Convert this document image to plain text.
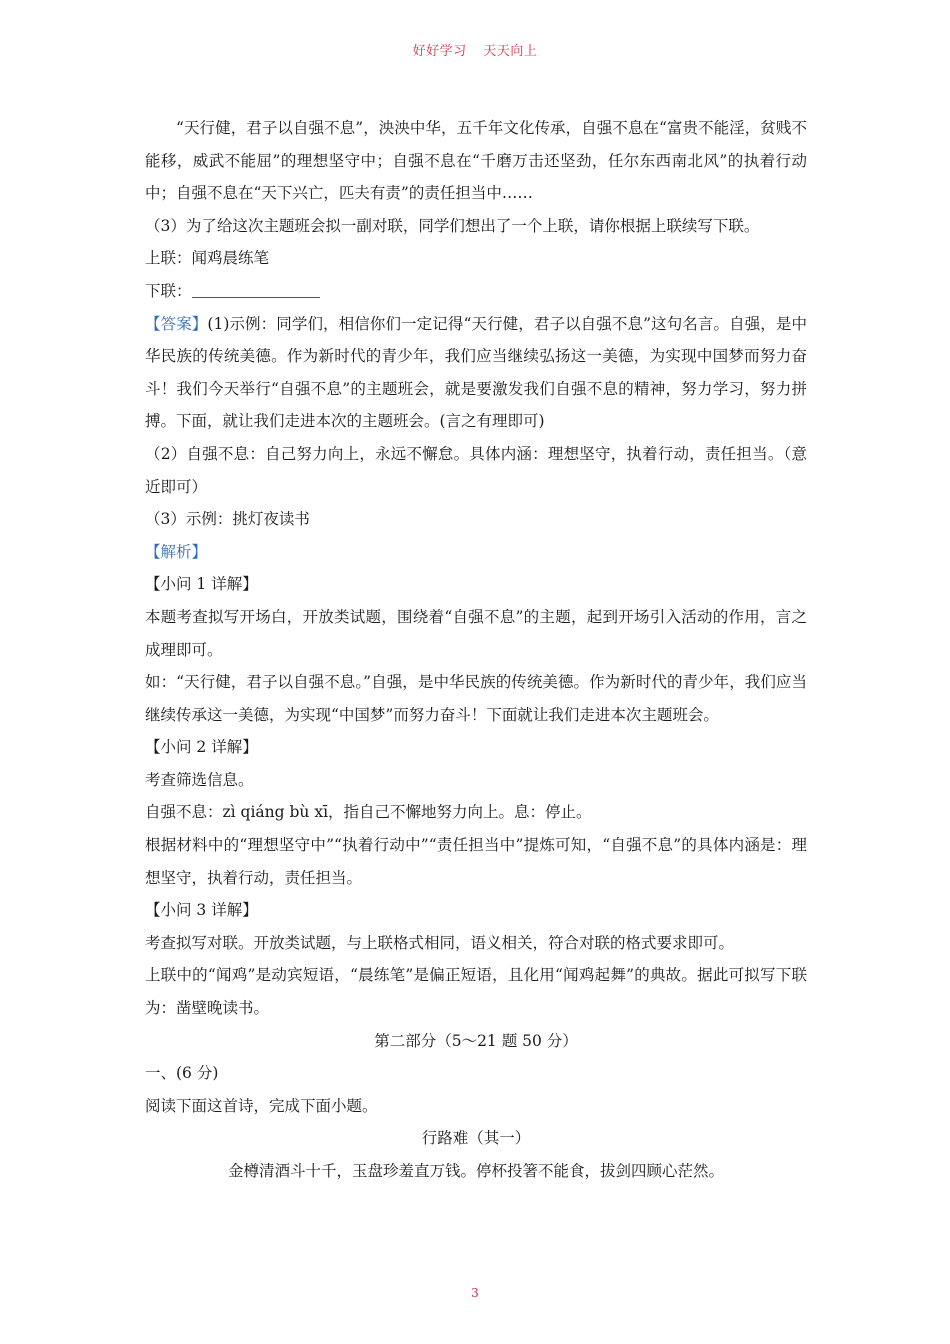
好好学习 天天向上

“天行健，君子以自强不息”，泱泱中华，五千年文化传承，自强不息在“富贵不能淫，贫贱不能移，威武不能屈”的理想坚守中；自强不息在“千磨万击还坚劲，任尔东西南北风”的执着行动中；自强不息在“天下兴亡，匹夫有责”的责任担当中……

（3）为了给这次主题班会拟一副对联，同学们想出了一个上联，请你根据上联续写下联。

上联：闻鸡晨练笔

下联：

【答案】(1)示例：同学们，相信你们一定记得“天行健，君子以自强不息”这句名言。自强，是中华民族的传统美德。作为新时代的青少年，我们应当继续弘扬这一美德，为实现中国梦而努力奋斗！我们今天举行“自强不息”的主题班会，就是要激发我们自强不息的精神，努力学习，努力拼搏。下面，就让我们走进本次的主题班会。(言之有理即可)

（2）自强不息：自己努力向上，永远不懈怠。具体内涵：理想坚守，执着行动，责任担当。（意近即可）

（3）示例：挑灯夜读书

【解析】

【小问 1 详解】

本题考查拟写开场白，开放类试题，围绕着“自强不息”的主题，起到开场引入活动的作用，言之成理即可。

如：“天行健，君子以自强不息。”自强，是中华民族的传统美德。作为新时代的青少年，我们应当继续传承这一美德，为实现“中国梦”而努力奋斗！下面就让我们走进本次主题班会。

【小问 2 详解】

考查筛选信息。

自强不息：zì qiáng bù xī，指自己不懈地努力向上。息：停止。

根据材料中的“理想坚守中”“执着行动中”“责任担当中”提炼可知，“自强不息”的具体内涵是：理想坚守，执着行动，责任担当。

【小问 3 详解】

考查拟写对联。开放类试题，与上联格式相同，语义相关，符合对联的格式要求即可。

上联中的“闻鸡”是动宾短语，“晨练笔”是偏正短语，且化用“闻鸡起舞”的典故。据此可拟写下联为：凿壁晚读书。

第二部分（5～21 题 50 分）

一、(6 分)

阅读下面这首诗，完成下面小题。

行路难（其一）

金樽清酒斗十千，玉盘珍羞直万钱。停杯投箸不能食，拔剑四顾心茫然。

3
